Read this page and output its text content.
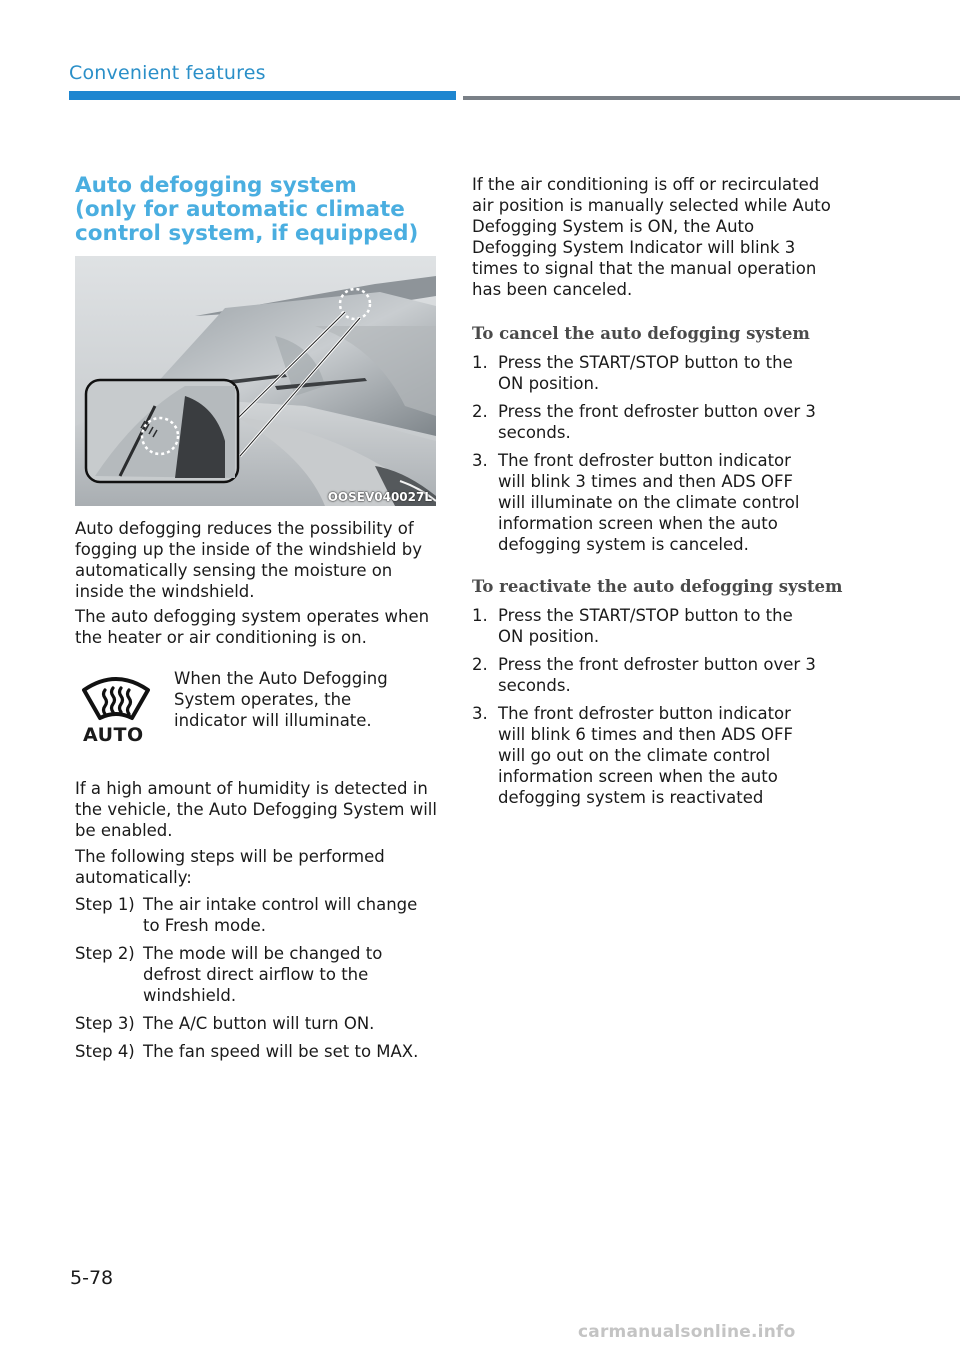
Convenient features
Auto defogging system
(only for automatic climate
control system, if equipped)
OOSEV040027L

Auto defogging reduces the possibility of fogging up the inside of the windshield by automatically sensing the moisture on inside the windshield.

The auto defogging system operates when the heater or air conditioning is on.

AUTO

When the Auto Defogging System operates, the indicator will illuminate.

If a high amount of humidity is detected in the vehicle, the Auto Defogging System will be enabled.

The following steps will be performed automatically:

Step 1) The air intake control will change to Fresh mode.
Step 2) The mode will be changed to defrost direct airflow to the windshield.
Step 3) The A/C button will turn ON.
Step 4) The fan speed will be set to MAX.

If the air conditioning is off or recirculated air position is manually selected while Auto Defogging System is ON, the Auto Defogging System Indicator will blink 3 times to signal that the manual operation has been canceled.

To cancel the auto defogging system
1. Press the START/STOP button to the ON position.
2. Press the front defroster button over 3 seconds.
3. The front defroster button indicator will blink 3 times and then ADS OFF will illuminate on the climate control information screen when the auto defogging system is canceled.
To reactivate the auto defogging system
1. Press the START/STOP button to the ON position.
2. Press the front defroster button over 3 seconds.
3. The front defroster button indicator will blink 6 times and then ADS OFF will go out on the climate control information screen when the auto defogging system is reactivated
5-78
carmanualsonline.info
